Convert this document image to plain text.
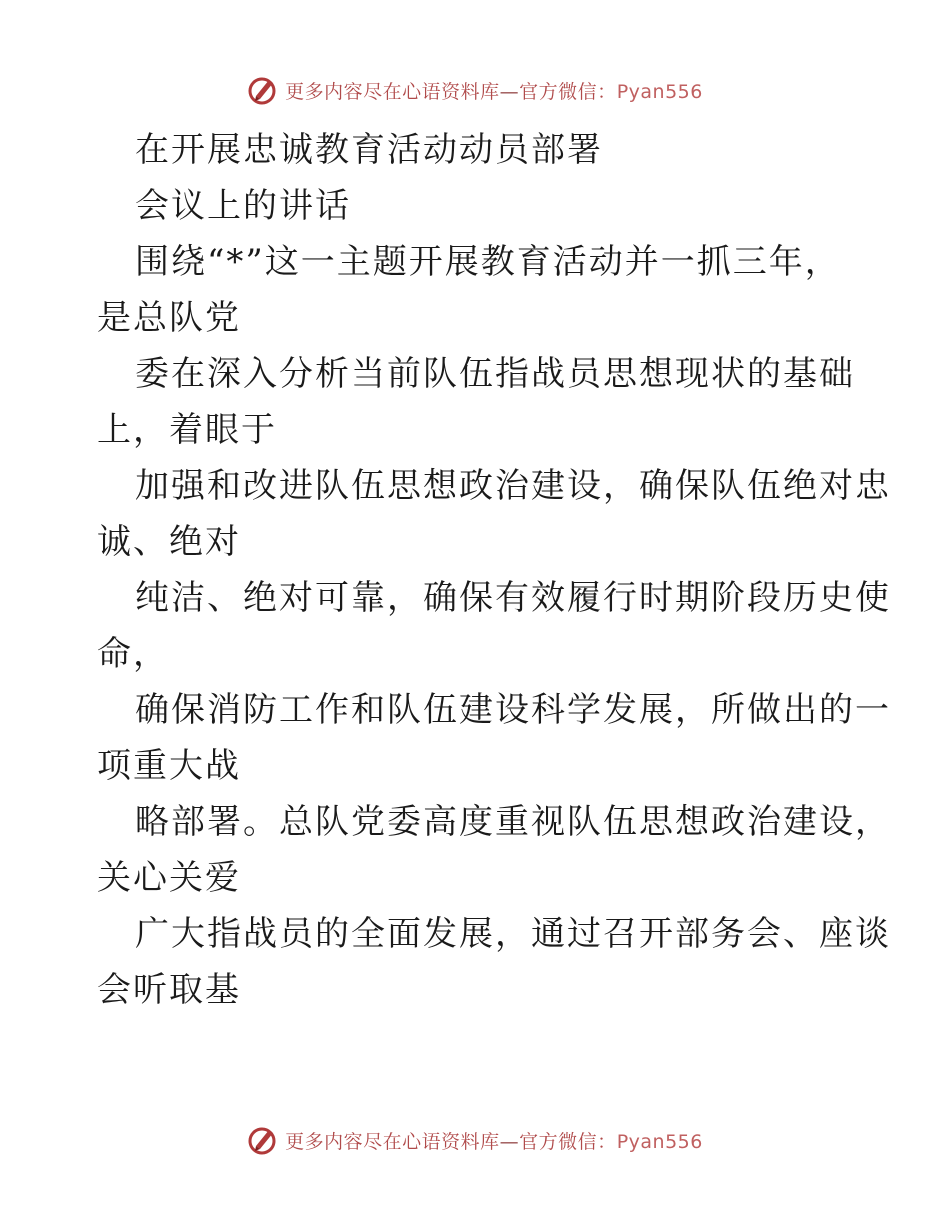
更多内容尽在心语资料库—官方微信：Pyan556
在开展忠诚教育活动动员部署
会议上的讲话
围绕“*”这一主题开展教育活动并一抓三年，
是总队党
委在深入分析当前队伍指战员思想现状的基础
上，着眼于
加强和改进队伍思想政治建设，确保队伍绝对忠
诚、绝对
纯洁、绝对可靠，确保有效履行时期阶段历史使
命，
确保消防工作和队伍建设科学发展，所做出的一
项重大战
略部署。总队党委高度重视队伍思想政治建设，
关心关爱
广大指战员的全面发展，通过召开部务会、座谈
会听取基
更多内容尽在心语资料库—官方微信：Pyan556
